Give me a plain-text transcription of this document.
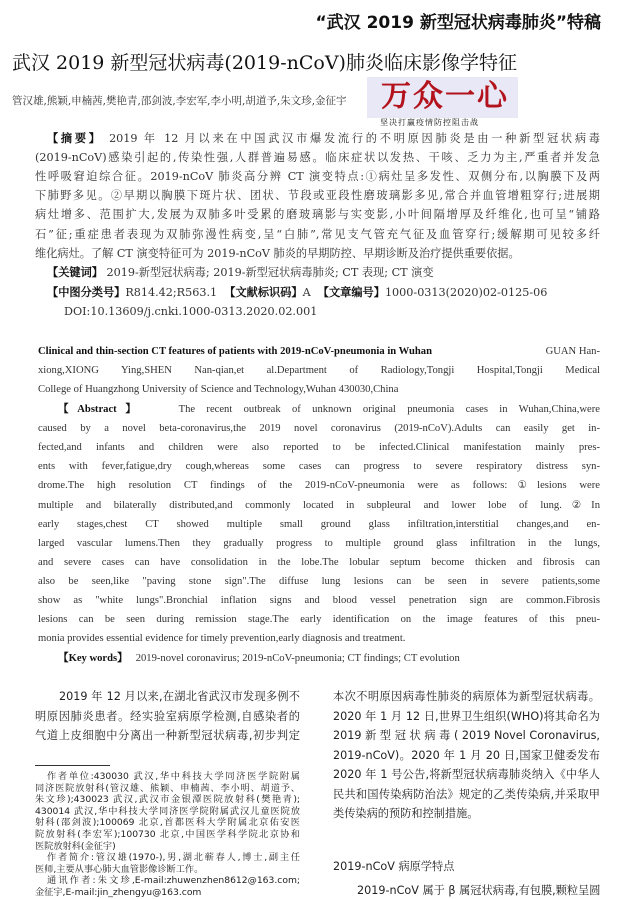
“武汉 2019 新型冠状病毒肺炎”特稿
武汉 2019 新型冠状病毒(2019-nCoV)肺炎临床影像学特征
管汉雄,熊颖,申楠茜,樊艳青,邵剑波,李宏军,李小明,胡道予,朱文珍,金征宇 万众一心
坚决打赢疫情防控阻击战
【摘要】 2019 年 12 月以来在中国武汉市爆发流行的不明原因肺炎是由一种新型冠状病毒
(2019-nCoV)感染引起的,传染性强,人群普遍易感。临床症状以发热、干咳、乏力为主,严重者并发急
性呼吸窘迫综合征。2019-nCoV 肺炎高分辨 CT 演变特点:①病灶呈多发性、双侧分布,以胸膜下及两
下肺野多见。②早期以胸膜下斑片状、团状、节段或亚段性磨玻璃影多见,常合并血管增粗穿行;进展期
病灶增多、范围扩大,发展为双肺多叶受累的磨玻璃影与实变影,小叶间隔增厚及纤维化,也可呈“铺路
石”征;重症患者表现为双肺弥漫性病变,呈“白肺”,常见支气管充气征及血管穿行;缓解期可见较多纤
维化病灶。了解 CT 演变特征可为 2019-nCoV 肺炎的早期防控、早期诊断及治疗提供重要依据。
【关键词】 2019-新型冠状病毒; 2019-新型冠状病毒肺炎; CT 表现; CT 演变
【中图分类号】R814.42;R563.1 【文献标识码】A 【文章编号】1000-0313(2020)02-0125-06
DOI:10.13609/j.cnki.1000-0313.2020.02.001
Clinical and thin-section CT features of patients with 2019-nCoV-pneumonia in Wuhan	GUAN Han-
xiong,XIONG Ying,SHEN Nan-qian,et al.Department of Radiology,Tongji Hospital,Tongji Medical
College of Huangzhong University of Science and Technology,Wuhan 430030,China
【Abstract】	The recent outbreak of unknown original pneumonia cases in Wuhan,China,were
caused by a novel beta-coronavirus,the 2019 novel coronavirus (2019-nCoV).Adults can easily get in-
fected,and infants and children were also reported to be infected.Clinical manifestation mainly pres-
ents with fever,fatigue,dry cough,whereas some cases can progress to severe respiratory distress syn-
drome.The high resolution CT findings of the 2019-nCoV-pneumonia were as follows:①lesions were
multiple and bilaterally distributed,and commonly located in subpleural and lower lobe of lung.②In
early stages,chest CT showed multiple small ground glass infiltration,interstitial changes,and en-
larged vascular lumens.Then they gradually progress to multiple ground glass infiltration in the lungs,
and severe cases can have consolidation in the lobe.The lobular septum become thicken and fibrosis can
also be seen,like "paving stone sign".The diffuse lung lesions can be seen in severe patients,some
show as "white lungs".Bronchial inflation signs and blood vessel penetration sign are common.Fibrosis
lesions can be seen during remission stage.The early identification on the image features of this pneu-
monia provides essential evidence for timely prevention,early diagnosis and treatment.
【Key words】 2019-novel coronavirus; 2019-nCoV-pneumonia; CT findings; CT evolution
2019 年 12 月以来,在湖北省武汉市发现多例不
明原因肺炎患者。经实验室病原学检测,自感染者的
气道上皮细胞中分离出一种新型冠状病毒,初步判定
作者单位:430030 武汉,华中科技大学同济医学院附属
同济医院放射科(管汉雄、熊颖、申楠茜、李小明、胡道予、
朱文珍);430023 武汉,武汉市金银潭医院放射科(樊艳青);
430014 武汉,华中科技大学同济医学院附属武汉儿童医院放
射科(邵剑波);100069 北京,首都医科大学附属北京佑安医
院放射科(李宏军);100730 北京,中国医学科学院北京协和
医院放射科(金征宇)
作者简介:管汉雄(1970-),男,湖北蕲春人,博士,副主任
医师,主要从事心肺大血管影像诊断工作。
通讯作者:朱文珍,E-mail:zhuwenzhen8612@163.com;
金征宇,E-mail:jin_zhengyu@163.com
本次不明原因病毒性肺炎的病原体为新型冠状病毒。
2020 年 1 月 12 日,世界卫生组织(WHO)将其命名为
2019 新 型 冠 状 病 毒 ( 2019 Novel Coronavirus,
2019-nCoV)。2020 年 1 月 20 日,国家卫健委发布
2020 年 1 号公告,将新型冠状病毒肺炎纳入《中华人
民共和国传染病防治法》规定的乙类传染病,并采取甲
类传染病的预防和控制措施。
2019-nCoV 病原学特点
2019-nCoV 属于 β 属冠状病毒,有包膜,颗粒呈圆
